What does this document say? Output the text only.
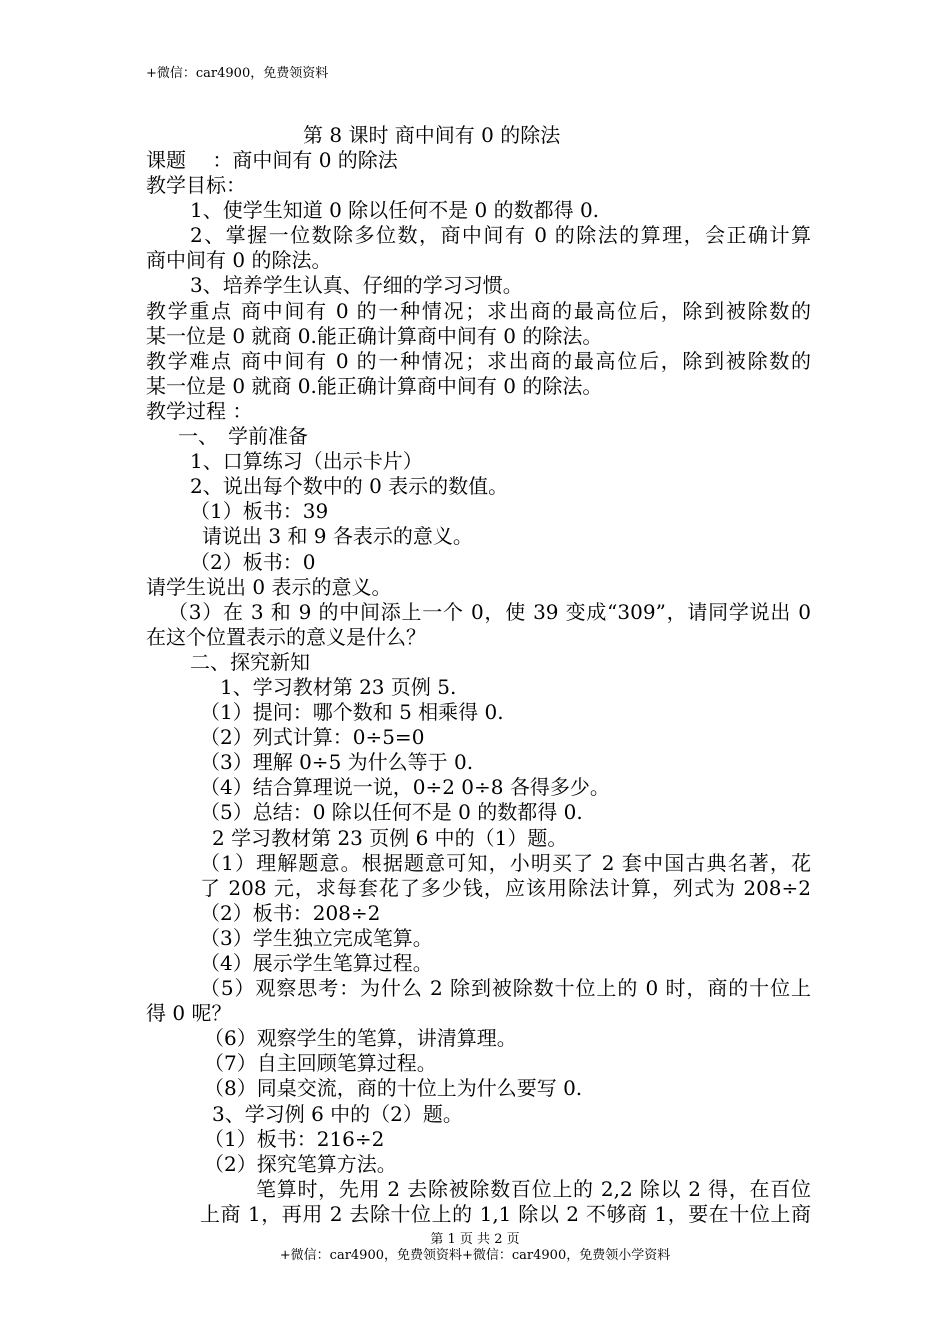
+微信：car4900，免费领资料
第 8 课时 商中间有 0 的除法
课题　 ：商中间有 0 的除法
教学目标：
1、使学生知道 0 除以任何不是 0 的数都得 0.
2、掌握一位数除多位数，商中间有 0 的除法的算理，会正确计算
商中间有 0 的除法。
3、培养学生认真、仔细的学习习惯。
教学重点 商中间有 0 的一种情况；求出商的最高位后，除到被除数的
某一位是 0 就商 0.能正确计算商中间有 0 的除法。
教学难点 商中间有 0 的一种情况；求出商的最高位后，除到被除数的
某一位是 0 就商 0.能正确计算商中间有 0 的除法。
教学过程 ：
一、　学前准备
1、口算练习（出示卡片）
2、说出每个数中的 0 表示的数值。
（1）板书：39
请说出 3 和 9 各表示的意义。
（2）板书：0
请学生说出 0 表示的意义。
（3）在 3 和 9 的中间添上一个 0，使 39 变成“309”，请同学说出 0
在这个位置表示的意义是什么？
二、探究新知
1、学习教材第 23 页例 5.
（1）提问：哪个数和 5 相乘得 0.
（2）列式计算：0÷5=0
（3）理解 0÷5 为什么等于 0.
（4）结合算理说一说，0÷2 0÷8 各得多少。
（5）总结：0 除以任何不是 0 的数都得 0.
2 学习教材第 23 页例 6 中的（1）题。
（1）理解题意。根据题意可知，小明买了 2 套中国古典名著，花
了 208 元，求每套花了多少钱，应该用除法计算，列式为 208÷2
（2）板书：208÷2
（3）学生独立完成笔算。
（4）展示学生笔算过程。
（5）观察思考：为什么 2 除到被除数十位上的 0 时，商的十位上
得 0 呢？
（6）观察学生的笔算，讲清算理。
（7）自主回顾笔算过程。
（8）同桌交流，商的十位上为什么要写 0.
3、学习例 6 中的（2）题。
（1）板书：216÷2
（2）探究笔算方法。
笔算时，先用 2 去除被除数百位上的 2,2 除以 2 得，在百位
上商 1，再用 2 去除十位上的 1,1 除以 2 不够商 1，要在十位上商
第 1 页 共 2 页
+微信：car4900，免费领资料+微信：car4900，免费领小学资料
